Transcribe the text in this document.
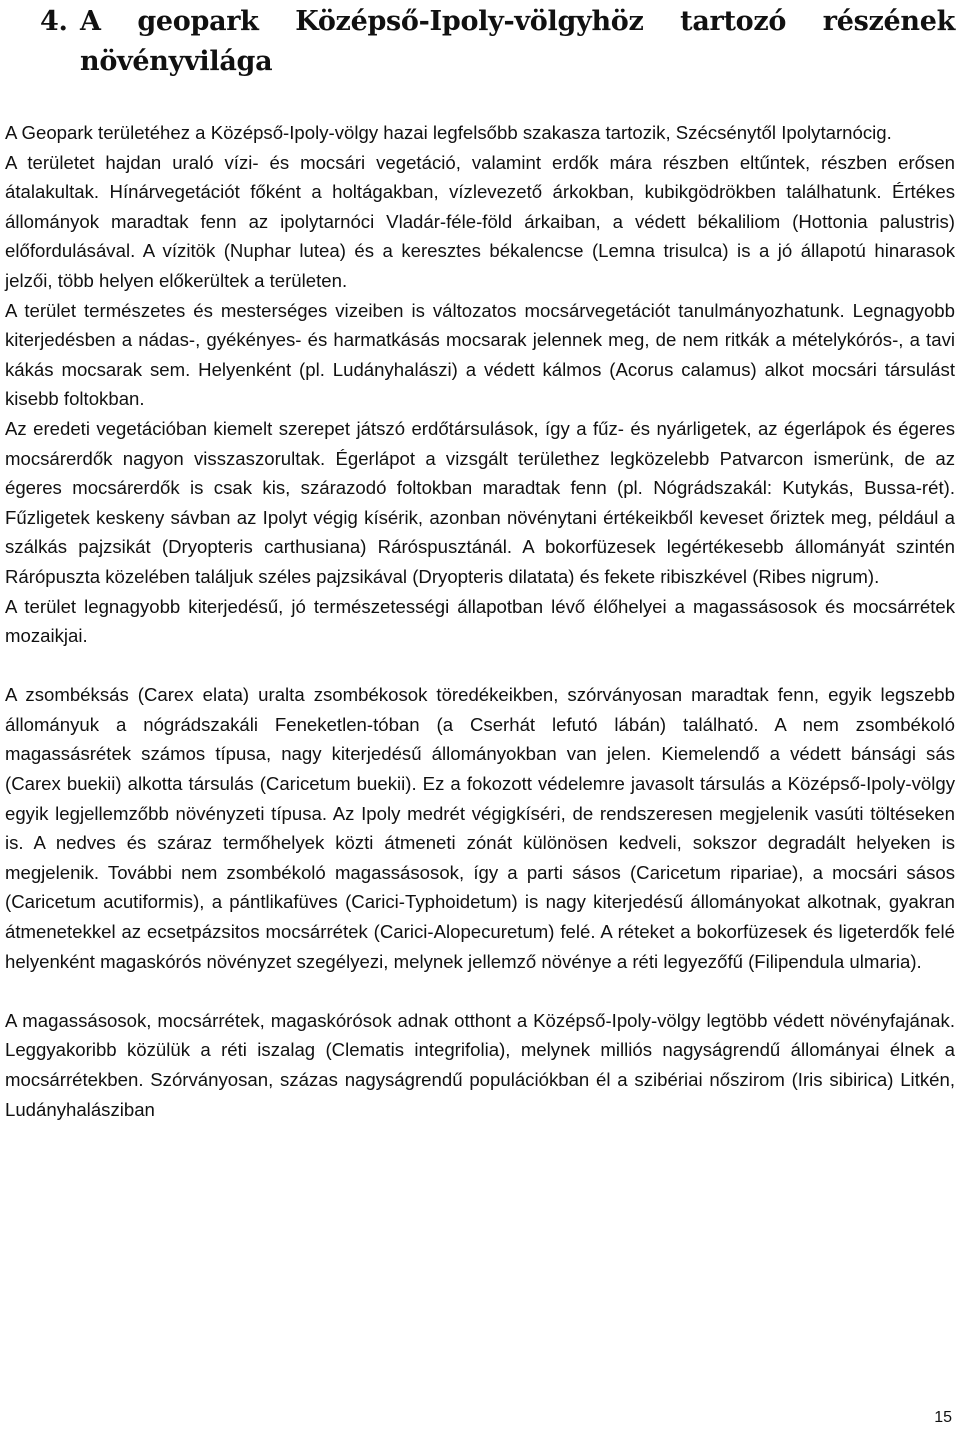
4. A geopark Középső-Ipoly-völgyhöz tartozó részének
növényvilága

A Geopark területéhez a Középső-Ipoly-völgy hazai legfelsőbb szakasza tartozik, Szécsénytől Ipolytarnócig.

A területet hajdan uraló vízi- és mocsári vegetáció, valamint erdők mára részben eltűntek, részben erősen átalakultak. Hínárvegetációt főként a holtágakban, vízlevezető árkokban, kubikgödrökben találhatunk. Értékes állományok maradtak fenn az ipolytarnóci Vladár-féle-föld árkaiban, a védett békaliliom (Hottonia palustris) előfordulásával. A vízitök (Nuphar lutea) és a keresztes békalencse (Lemna trisulca) is a jó állapotú hinarasok jelzői, több helyen előkerültek a területen.

A terület természetes és mesterséges vizeiben is változatos mocsárvegetációt tanulmányozhatunk. Legnagyobb kiterjedésben a nádas-, gyékényes- és harmatkásás mocsarak jelennek meg, de nem ritkák a mételykórós-, a tavi kákás mocsarak sem. Helyenként (pl. Ludányhalászi) a védett kálmos (Acorus calamus) alkot mocsári társulást kisebb foltokban.

Az eredeti vegetációban kiemelt szerepet játszó erdőtársulások, így a fűz- és nyárligetek, az égerlápok és égeres mocsárerdők nagyon visszaszorultak. Égerlápot a vizsgált területhez legközelebb Patvarcon ismerünk, de az égeres mocsárerdők is csak kis, szárazodó foltokban maradtak fenn (pl. Nógrádszakál: Kutykás, Bussa-rét). Fűzligetek keskeny sávban az Ipolyt végig kísérik, azonban növénytani értékeikből keveset őriztek meg, például a szálkás pajzsikát (Dryopteris carthusiana) Ráróspusztánál. A bokorfüzesek legértékesebb állományát szintén Rárópuszta közelében találjuk széles pajzsikával (Dryopteris dilatata) és fekete ribiszkével (Ribes nigrum).

A terület legnagyobb kiterjedésű, jó természetességi állapotban lévő élőhelyei a magassásosok és mocsárrétek mozaikjai.

A zsombéksás (Carex elata) uralta zsombékosok töredékeikben, szórványosan maradtak fenn, egyik legszebb állományuk a nógrádszakáli Feneketlen-tóban (a Cserhát lefutó lábán) található. A nem zsombékoló magassásrétek számos típusa, nagy kiterjedésű állományokban van jelen. Kiemelendő a védett bánsági sás (Carex buekii) alkotta társulás (Caricetum buekii). Ez a fokozott védelemre javasolt társulás a Középső-Ipoly-völgy egyik legjellemzőbb növényzeti típusa. Az Ipoly medrét végigkíséri, de rendszeresen megjelenik vasúti töltéseken is. A nedves és száraz termőhelyek közti átmeneti zónát különösen kedveli, sokszor degradált helyeken is megjelenik. További nem zsombékoló magassásosok, így a parti sásos (Caricetum ripariae), a mocsári sásos (Caricetum acutiformis), a pántlikafüves (Carici-Typhoidetum) is nagy kiterjedésű állományokat alkotnak, gyakran átmenetekkel az ecsetpázsitos mocsárrétek (Carici-Alopecuretum) felé. A réteket a bokorfüzesek és ligeterdők felé helyenként magaskórós növényzet szegélyezi, melynek jellemző növénye a réti legyezőfű (Filipendula ulmaria).

A magassásosok, mocsárrétek, magaskórósok adnak otthont a Középső-Ipoly-völgy legtöbb védett növényfajának. Leggyakoribb közülük a réti iszalag (Clematis integrifolia), melynek milliós nagyságrendű állományai élnek a mocsárrétekben. Szórványosan, százas nagyságrendű populációkban él a szibériai nőszirom (Iris sibirica) Litkén, Ludányhalásziban

15
